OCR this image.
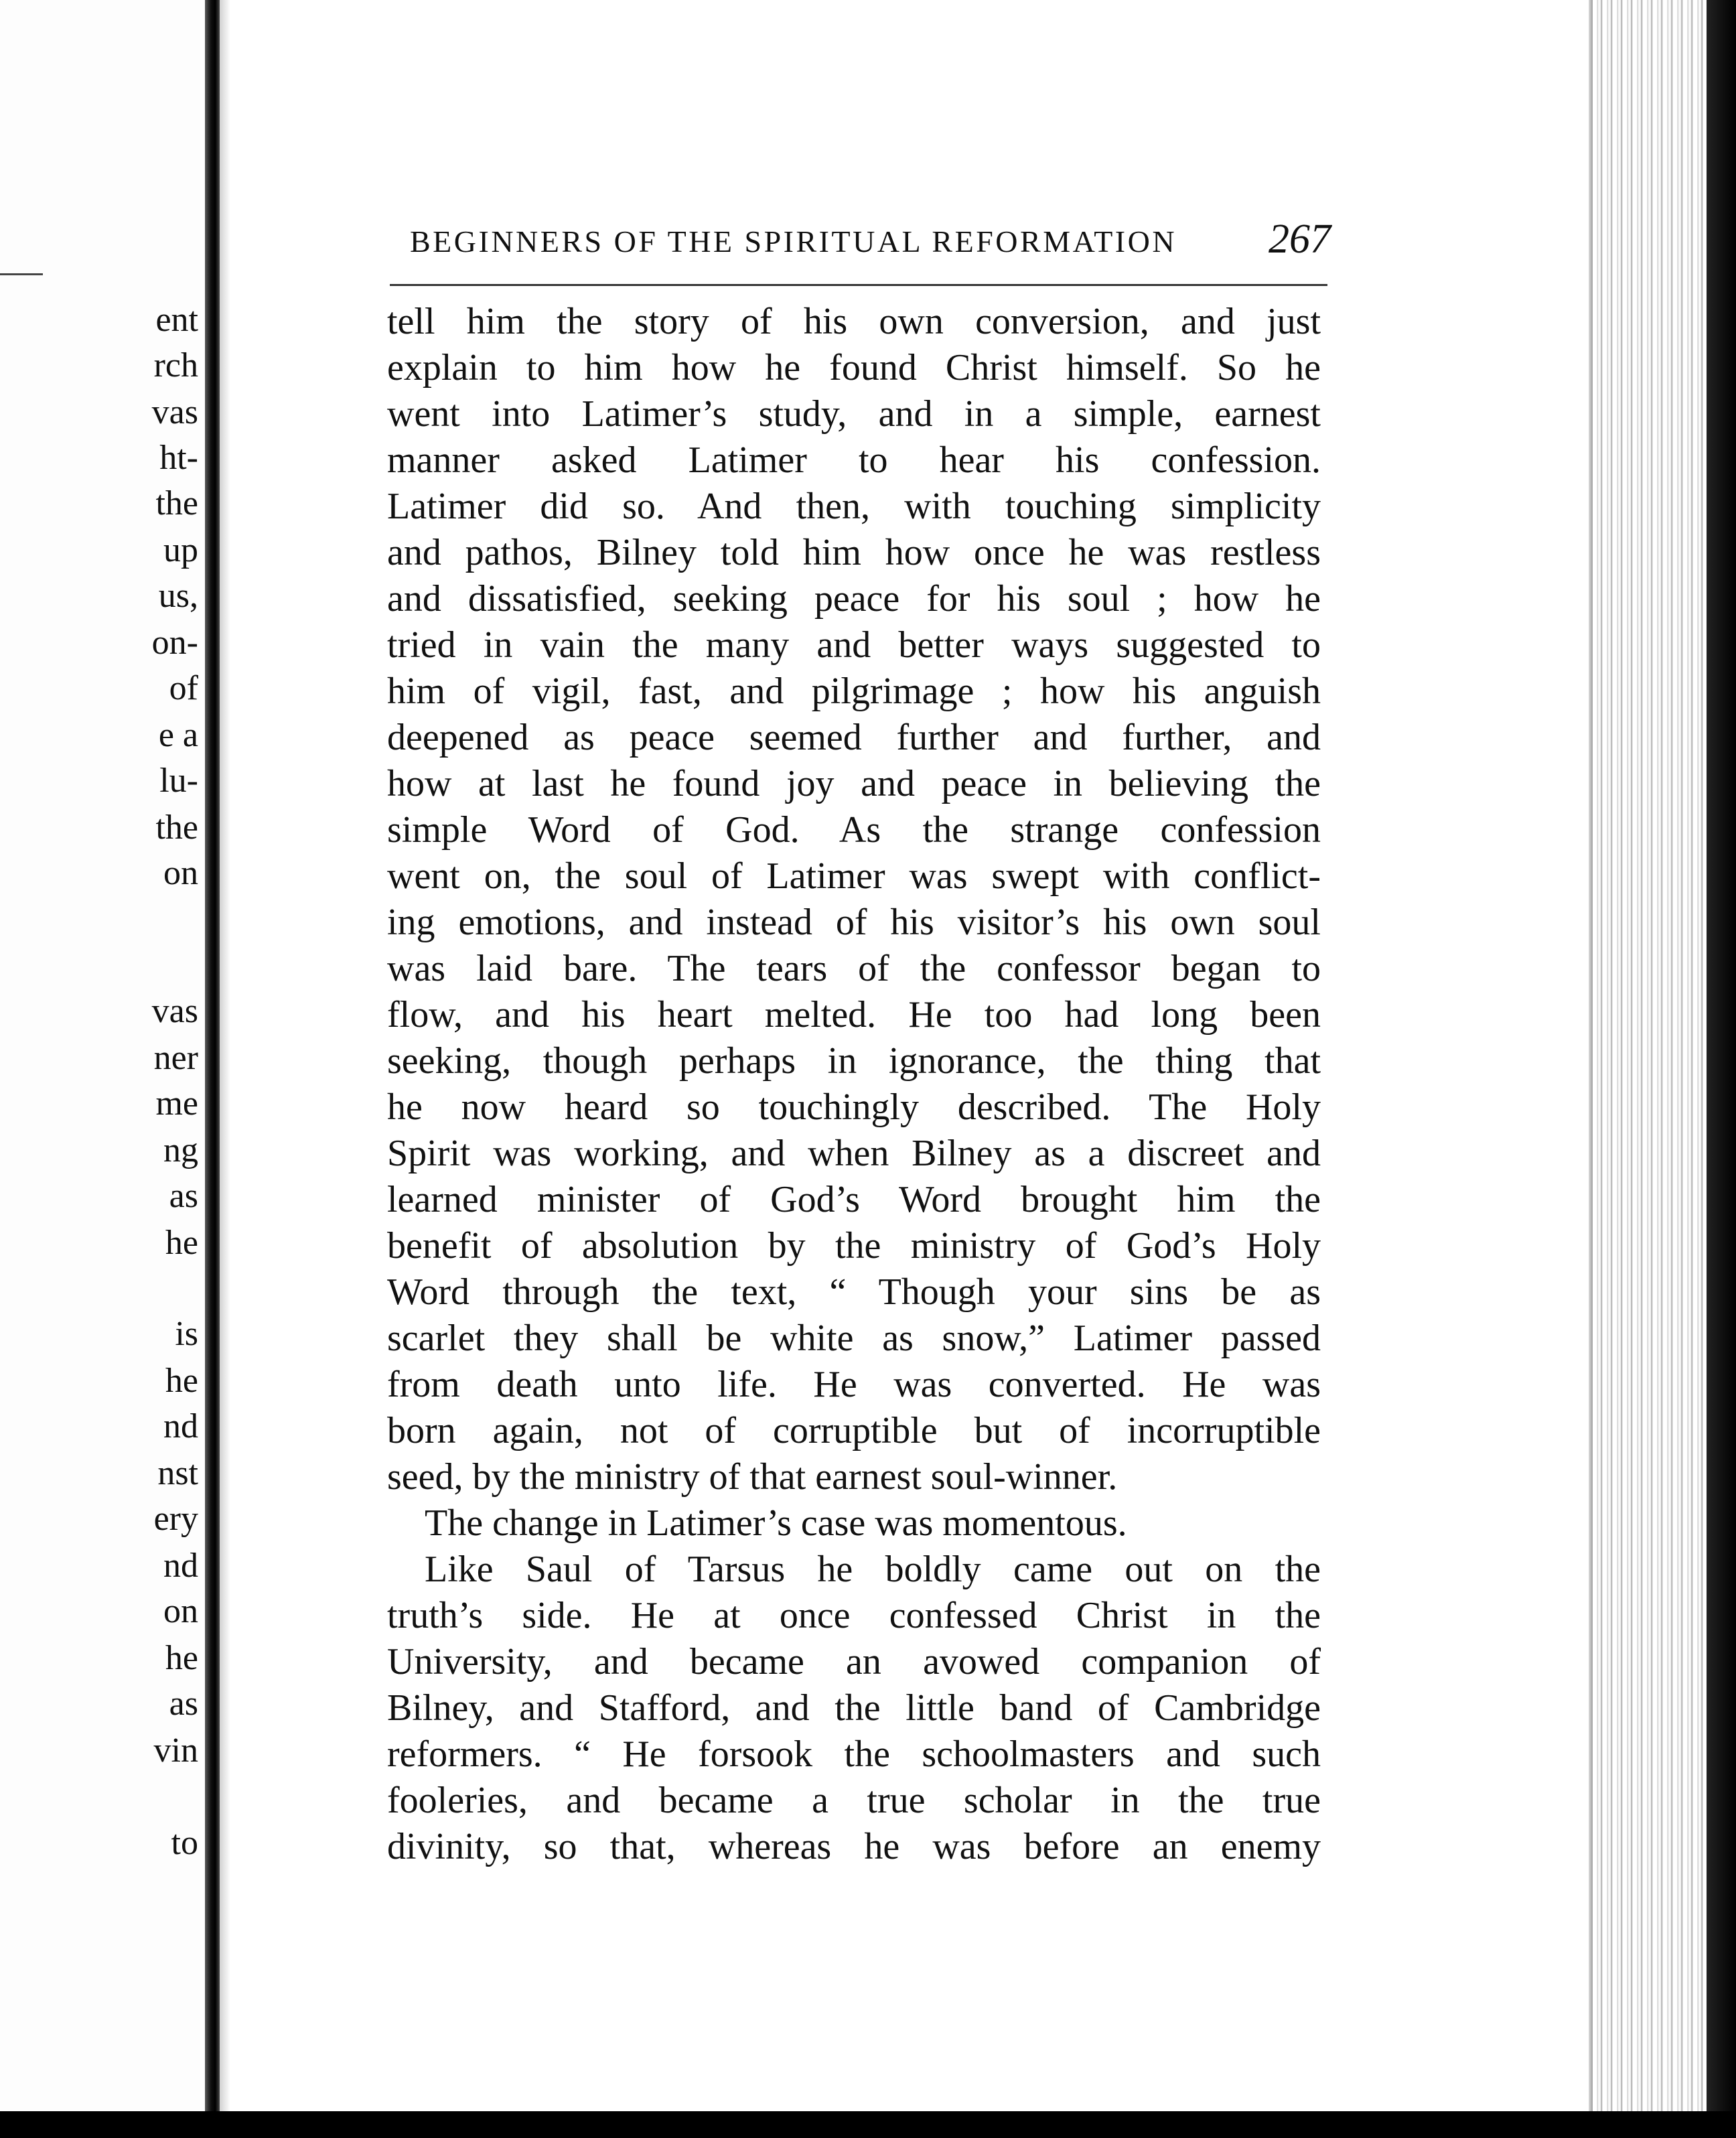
ent
rch
vas
ht-
the
up
us,
on-
of
e a
lu-
the
on
vas
ner
me
ng
as
he
is
he
nd
nst
ery
nd
on
he
as
vin
to
BEGINNERS OF THE SPIRITUAL REFORMATION 267
tell him the story of his own conversion, and just
explain to him how he found Christ himself. So he
went into Latimer’s study, and in a simple, earnest
manner asked Latimer to hear his confession.
Latimer did so. And then, with touching simplicity
and pathos, Bilney told him how once he was restless
and dissatisfied, seeking peace for his soul ; how he
tried in vain the many and better ways suggested to
him of vigil, fast, and pilgrimage ; how his anguish
deepened as peace seemed further and further, and
how at last he found joy and peace in believing the
simple Word of God. As the strange confession
went on, the soul of Latimer was swept with conflict-
ing emotions, and instead of his visitor’s his own soul
was laid bare. The tears of the confessor began to
flow, and his heart melted. He too had long been
seeking, though perhaps in ignorance, the thing that
he now heard so touchingly described. The Holy
Spirit was working, and when Bilney as a discreet and
learned minister of God’s Word brought him the
benefit of absolution by the ministry of God’s Holy
Word through the text, “ Though your sins be as
scarlet they shall be white as snow,” Latimer passed
from death unto life. He was converted. He was
born again, not of corruptible but of incorruptible
seed, by the ministry of that earnest soul-winner.
The change in Latimer’s case was momentous.
Like Saul of Tarsus he boldly came out on the
truth’s side. He at once confessed Christ in the
University, and became an avowed companion of
Bilney, and Stafford, and the little band of Cambridge
reformers. “ He forsook the schoolmasters and such
fooleries, and became a true scholar in the true
divinity, so that, whereas he was before an enemy
